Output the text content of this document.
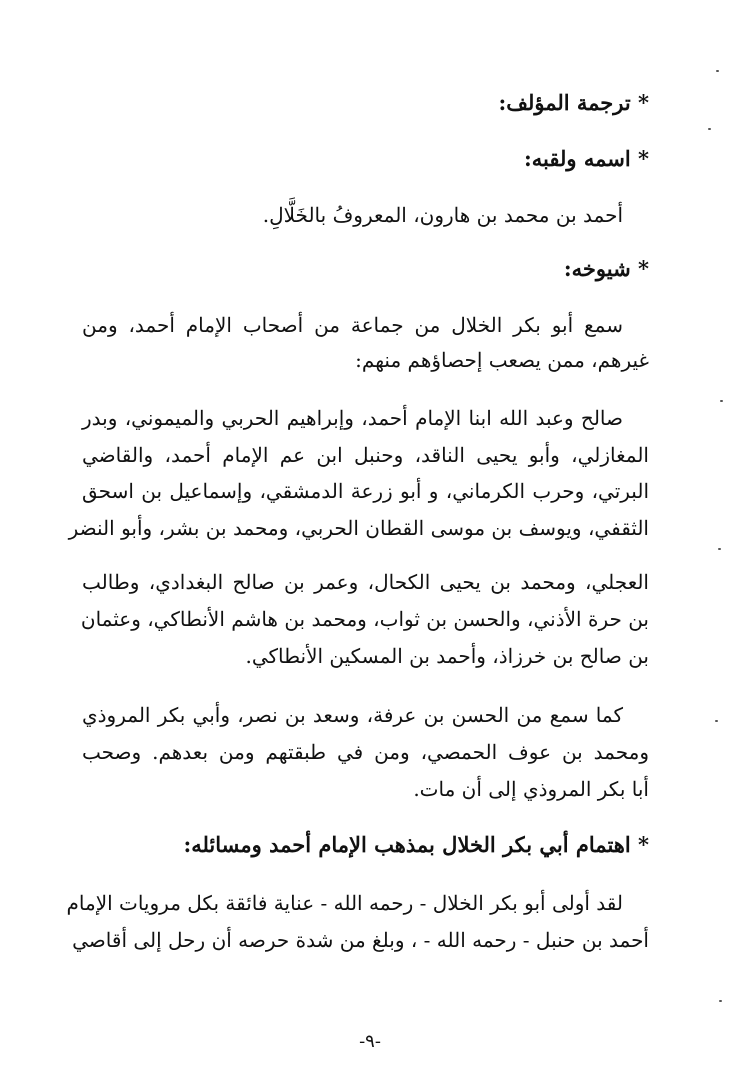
* ترجمة المؤلف:
* اسمه ولقبه:
أحمد بن محمد بن هارون، المعروفُ بالخَلَّالِ.
* شيوخه:
سمع أبو بكر الخلال من جماعة من أصحاب الإمام أحمد، ومن
غيرهم، ممن يصعب إحصاؤهم منهم:
صالح وعبد الله ابنا الإمام أحمد، وإبراهيم الحربي والميموني، وبدر
المغازلي، وأبو يحيى الناقد، وحنبل ابن عم الإمام أحمد، والقاضي
البرتي، وحرب الكرماني، و أبو زرعة الدمشقي، وإسماعيل بن اسحق
الثقفي، ويوسف بن موسى القطان الحربي، ومحمد بن بشر، وأبو النضر
العجلي، ومحمد بن يحيى الكحال، وعمر بن صالح البغدادي، وطالب
بن حرة الأذني، والحسن بن ثواب، ومحمد بن هاشم الأنطاكي، وعثمان
بن صالح بن خرزاذ، وأحمد بن المسكين الأنطاكي.
كما سمع من الحسن بن عرفة، وسعد بن نصر، وأبي بكر المروذي
ومحمد بن عوف الحمصي، ومن في طبقتهم ومن بعدهم. وصحب
أبا بكر المروذي إلى أن مات.
* اهتمام أبي بكر الخلال بمذهب الإمام أحمد ومسائله:
لقد أولى أبو بكر الخلال - رحمه الله - عناية فائقة بكل مرويات الإمام
أحمد بن حنبل - رحمه الله - ، وبلغ من شدة حرصه أن رحل إلى أقاصي
-٩-
